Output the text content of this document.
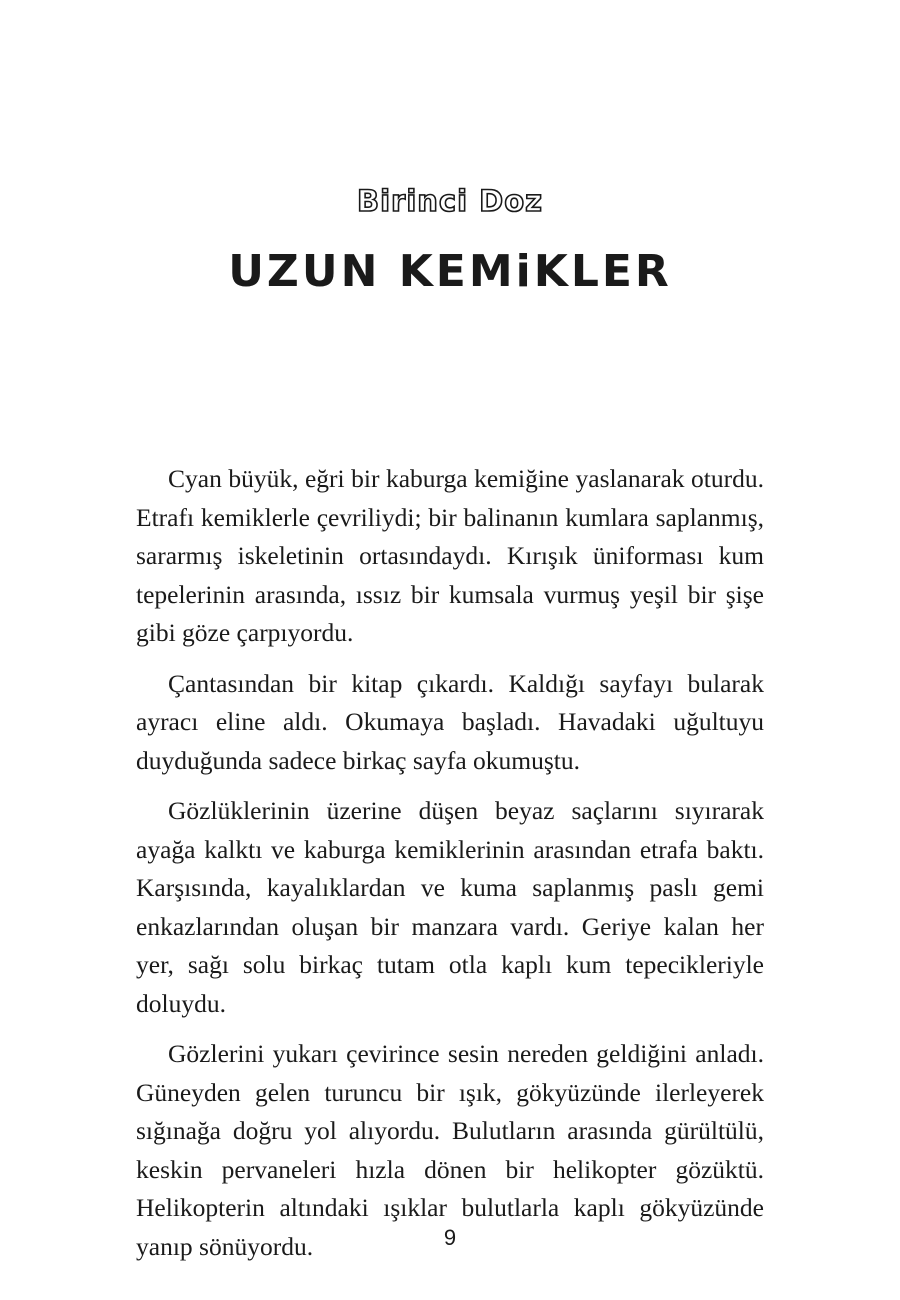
Birinci Doz
UZUN KEMiKLER

Cyan büyük, eğri bir kaburga kemiğine yaslanarak oturdu. Etrafı kemiklerle çevriliydi; bir balinanın kumlara saplanmış, sararmış iskeletinin ortasındaydı. Kırışık üniforması kum tepelerinin arasında, ıssız bir kumsala vurmuş yeşil bir şişe gibi göze çarpıyordu.

Çantasından bir kitap çıkardı. Kaldığı sayfayı bularak ayracı eline aldı. Okumaya başladı. Havadaki uğultuyu duyduğunda sadece birkaç sayfa okumuştu.

Gözlüklerinin üzerine düşen beyaz saçlarını sıyırarak ayağa kalktı ve kaburga kemiklerinin arasından etrafa baktı. Karşısında, kayalıklardan ve kuma saplanmış paslı gemi enkazlarından oluşan bir manzara vardı. Geriye kalan her yer, sağı solu birkaç tutam otla kaplı kum tepecikleriyle doluydu.

Gözlerini yukarı çevirince sesin nereden geldiğini anladı. Güneyden gelen turuncu bir ışık, gökyüzünde ilerleyerek sığınağa doğru yol alıyordu. Bulutların arasında gürültülü, keskin pervaneleri hızla dönen bir helikopter gözüktü. Helikopterin altındaki ışıklar bulutlarla kaplı gökyüzünde yanıp sönüyordu.	9
